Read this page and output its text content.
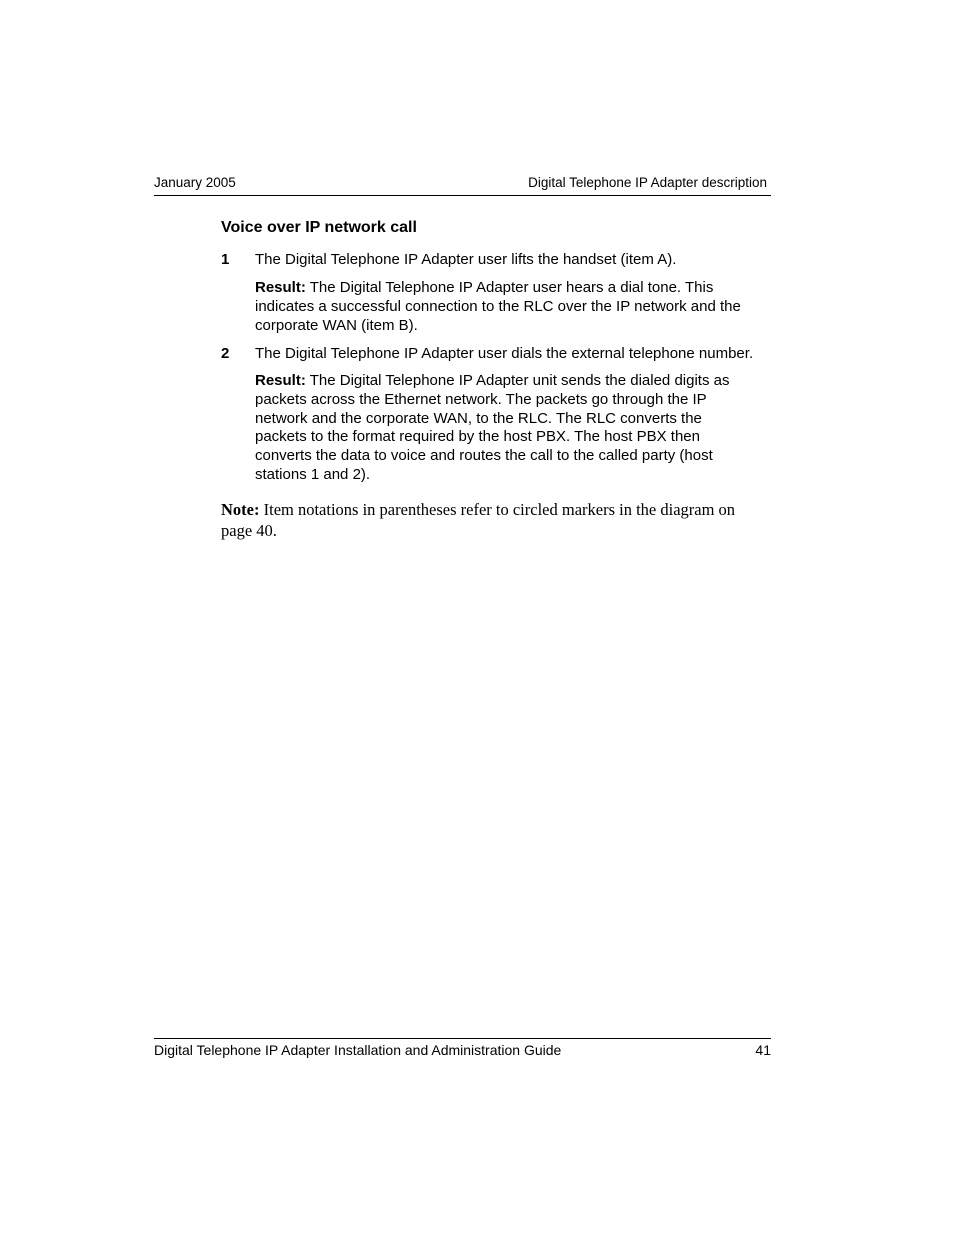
January 2005	Digital Telephone IP Adapter description
Voice over IP network call
1 The Digital Telephone IP Adapter user lifts the handset (item A).
Result: The Digital Telephone IP Adapter user hears a dial tone. This
indicates a successful connection to the RLC over the IP network and the
corporate WAN (item B).
2 The Digital Telephone IP Adapter user dials the external telephone number.
Result: The Digital Telephone IP Adapter unit sends the dialed digits as
packets across the Ethernet network. The packets go through the IP
network and the corporate WAN, to the RLC. The RLC converts the
packets to the format required by the host PBX. The host PBX then
converts the data to voice and routes the call to the called party (host
stations 1 and 2).
Note: Item notations in parentheses refer to circled markers in the diagram on
page 40.
Digital Telephone IP Adapter Installation and Administration Guide	41
